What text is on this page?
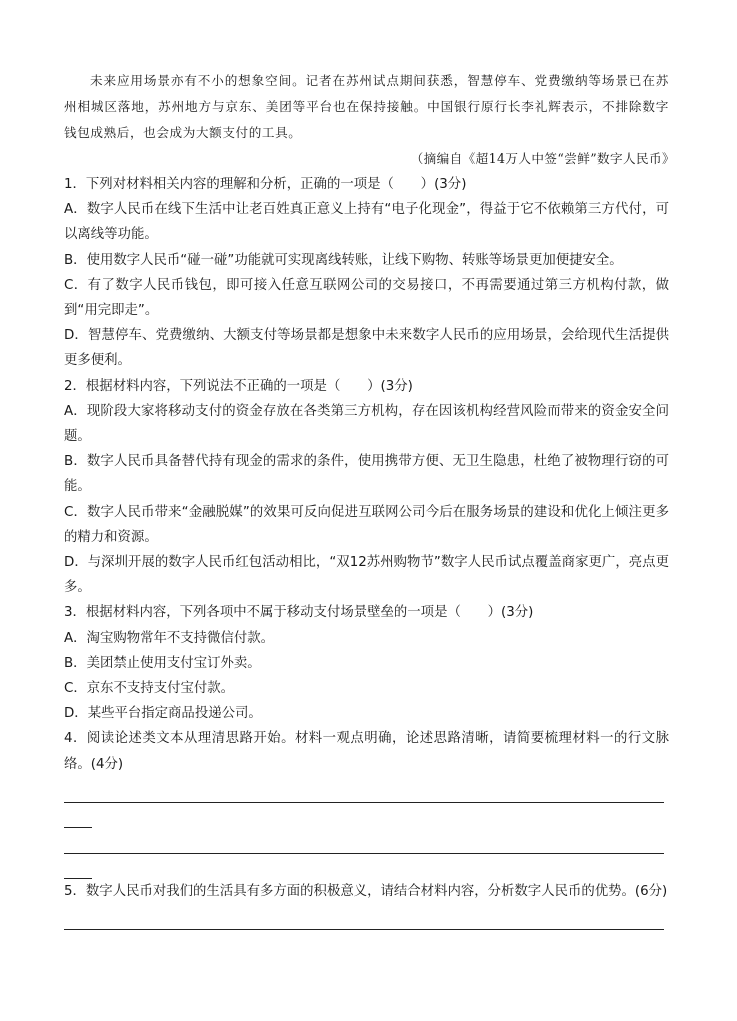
未来应用场景亦有不小的想象空间。记者在苏州试点期间获悉，智慧停车、党费缴纳等场景已在苏州相城区落地，苏州地方与京东、美团等平台也在保持接触。中国银行原行长李礼辉表示，不排除数字钱包成熟后，也会成为大额支付的工具。

（摘编自《超14万人中签“尝鲜”数字人民币》

1．下列对材料相关内容的理解和分析，正确的一项是（　　）(3分)

A．数字人民币在线下生活中让老百姓真正意义上持有“电子化现金”，得益于它不依赖第三方代付，可以离线等功能。

B．使用数字人民币“碰一碰”功能就可实现离线转账，让线下购物、转账等场景更加便捷安全。

C．有了数字人民币钱包，即可接入任意互联网公司的交易接口，不再需要通过第三方机构付款，做到“用完即走”。

D．智慧停车、党费缴纳、大额支付等场景都是想象中未来数字人民币的应用场景，会给现代生活提供更多便利。

2．根据材料内容，下列说法不正确的一项是（　　）(3分)

A．现阶段大家将移动支付的资金存放在各类第三方机构，存在因该机构经营风险而带来的资金安全问题。

B．数字人民币具备替代持有现金的需求的条件，使用携带方便、无卫生隐患，杜绝了被物理行窃的可能。

C．数字人民币带来“金融脱媒”的效果可反向促进互联网公司今后在服务场景的建设和优化上倾注更多的精力和资源。

D．与深圳开展的数字人民币红包活动相比，“双12苏州购物节”数字人民币试点覆盖商家更广，亮点更多。

3．根据材料内容，下列各项中不属于移动支付场景壁垒的一项是（　　）(3分)

A．淘宝购物常年不支持微信付款。

B．美团禁止使用支付宝订外卖。

C．京东不支持支付宝付款。

D．某些平台指定商品投递公司。

4．阅读论述类文本从理清思路开始。材料一观点明确，论述思路清晰，请简要梳理材料一的行文脉络。(4分)

5．数字人民币对我们的生活具有多方面的积极意义，请结合材料内容，分析数字人民币的优势。(6分)
